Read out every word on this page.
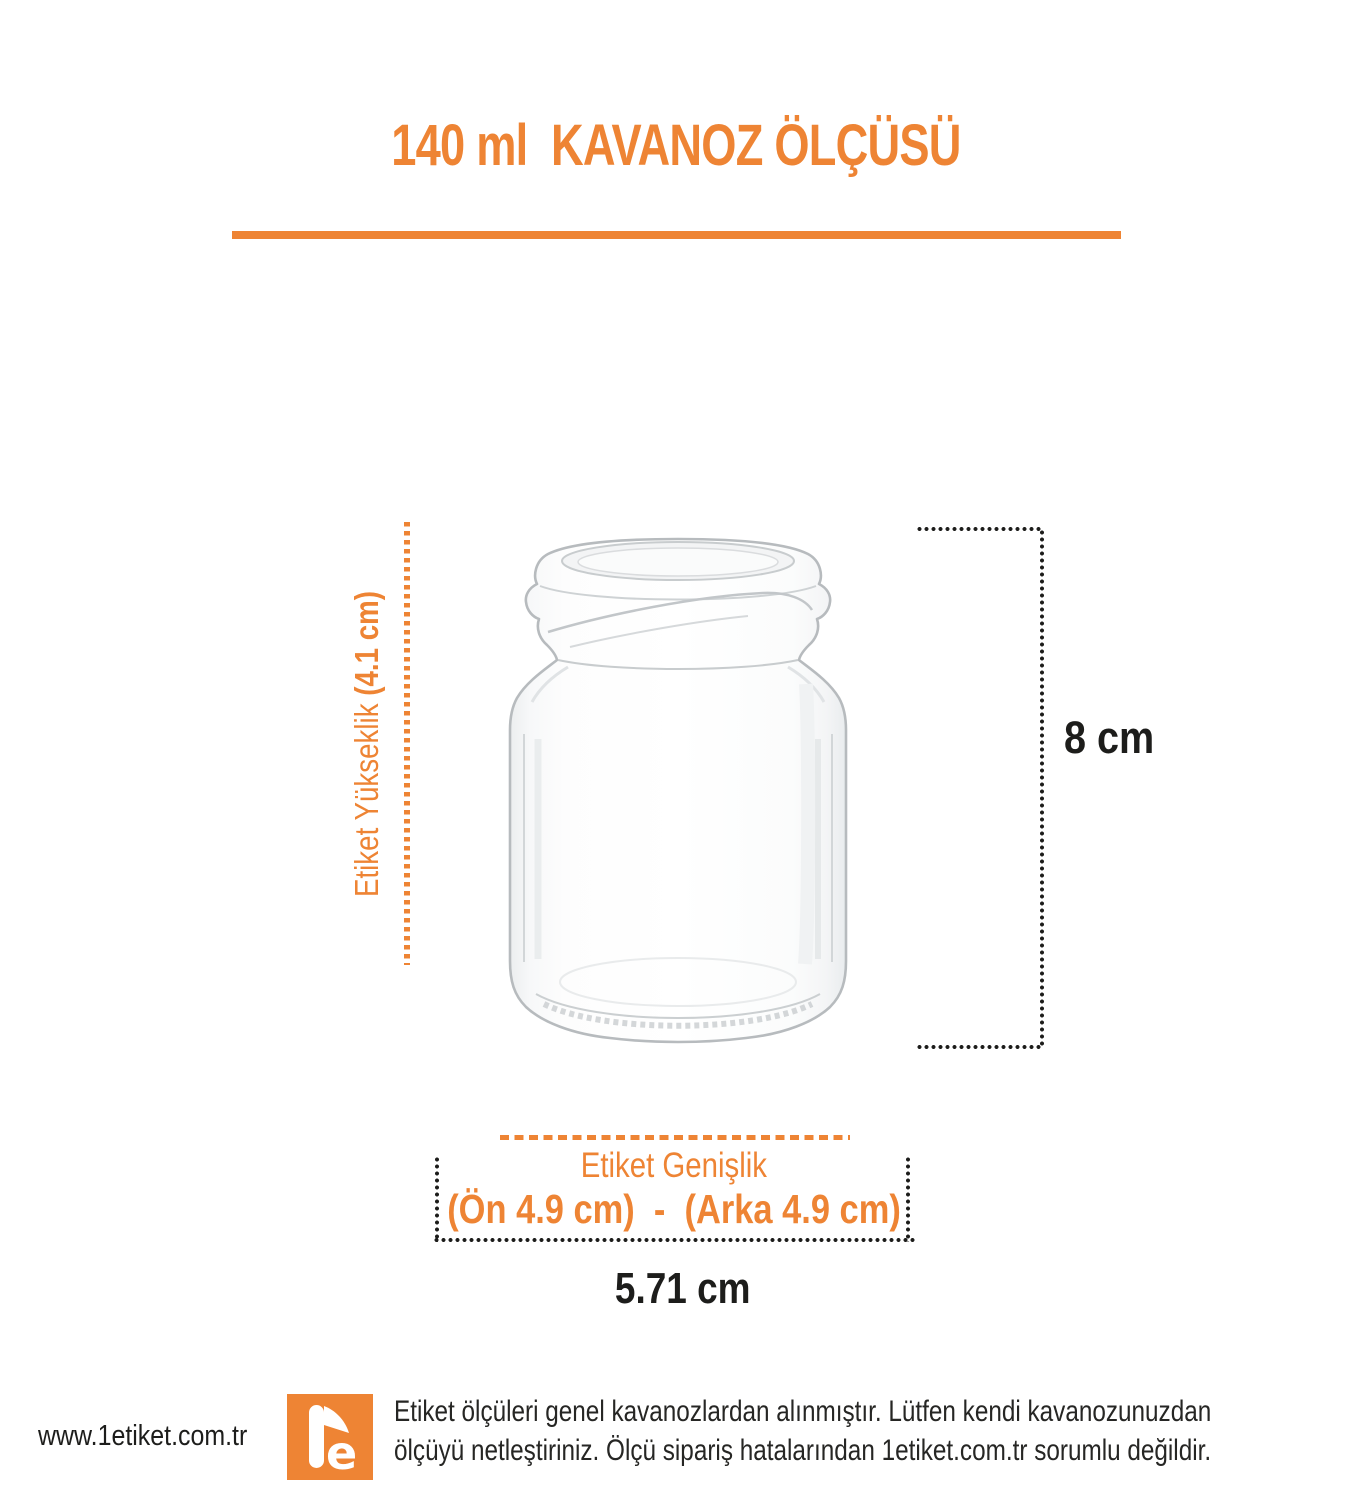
140 ml  KAVANOZ ÖLÇÜSÜ
Etiket Yükseklik (4.1 cm)
8 cm
Etiket Genişlik
(Ön 4.9 cm)  -  (Arka 4.9 cm)
5.71 cm
www.1etiket.com.tr e
Etiket ölçüleri genel kavanozlardan alınmıştır. Lütfen kendi kavanozunuzdan
ölçüyü netleştiriniz. Ölçü sipariş hatalarından 1etiket.com.tr sorumlu değildir.
